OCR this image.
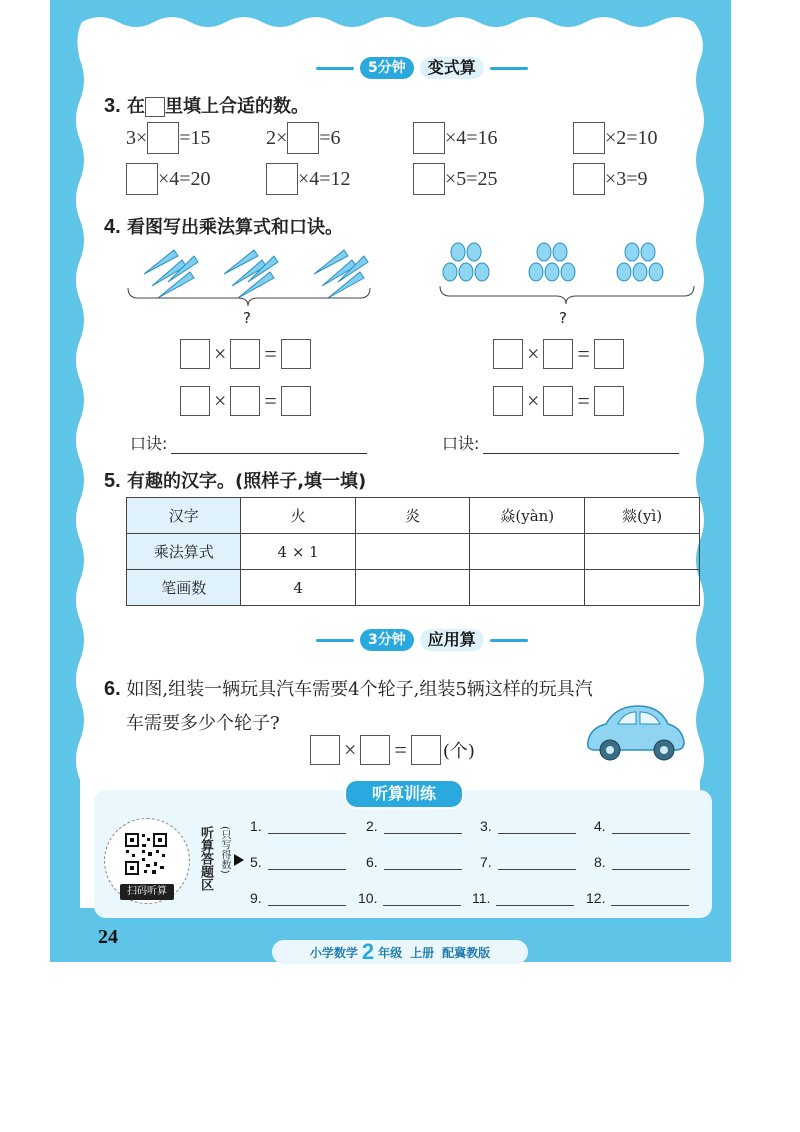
5分钟	变式算
3. 在 里填上合适的数。
3× =15	2× =6	×4=16	×2=10
×4=20	×4=12	×5=25	×3=9
4. 看图写出乘法算式和口诀。
?	?
× =
× =
× =
× =
口诀:	口诀:
5. 有趣的汉字。(照样子,填一填)
汉字	火	炎	焱(yàn)	燚(yì)
乘法算式	4 × 1			
笔画数	4			
3分钟	应用算
6. 如图,组装一辆玩具汽车需要4个轮子,组装5辆这样的玩具汽
车需要多少个轮子?
× = (个)
听算训练
扫码听算
听算答题区 (只写得数) 1.	2.	3.	4.
5.	6.	7.	8.
9.	10.	11.	12.
24
小学数学 2 年级 上册 配冀教版
